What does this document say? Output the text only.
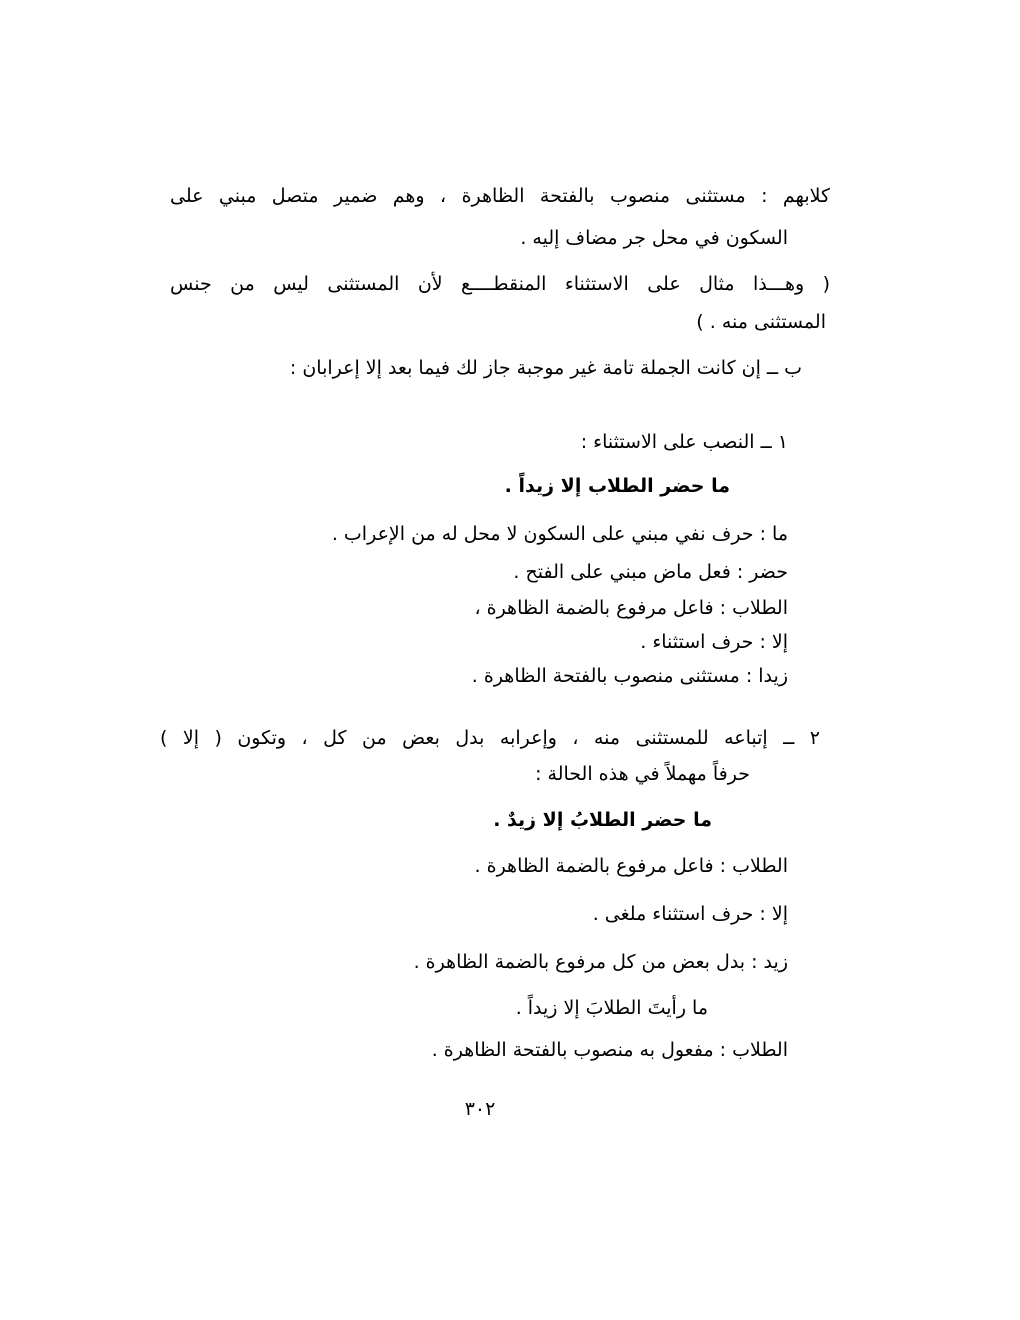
كلابهم : مستثنى منصوب بالفتحة الظاهرة ، وهم ضمير متصل مبني على
السكون في محل جر مضاف إليه .
( وهـــذا مثال على الاستثناء المنقطــــع لأن المستثنى ليس من جنس
المستثنى منه . )
ب ــ إن كانت الجملة تامة غير موجبة جاز لك فيما بعد إلا إعرابان :
١ ــ النصب على الاستثناء :
ما حضر الطلاب إلا زيداً .
ما : حرف نفي مبني على السكون لا محل له من الإعراب .
حضر : فعل ماض مبني على الفتح .
الطلاب : فاعل مرفوع بالضمة الظاهرة ،
إلا : حرف استثناء .
زيدا : مستثنى منصوب بالفتحة الظاهرة .
٢ ــ إتباعه للمستثنى منه ، وإعرابه بدل بعض من كل ، وتكون ( إلا )
حرفاً مهملاً في هذه الحالة :
ما حضر الطلابُ إلا زيدٌ .
الطلاب : فاعل مرفوع بالضمة الظاهرة .
إلا : حرف استثناء ملغى .
زيد : بدل بعض من كل مرفوع بالضمة الظاهرة .
ما رأيتَ الطلابَ إلا زيداً .
الطلاب : مفعول به منصوب بالفتحة الظاهرة .
٣٠٢
